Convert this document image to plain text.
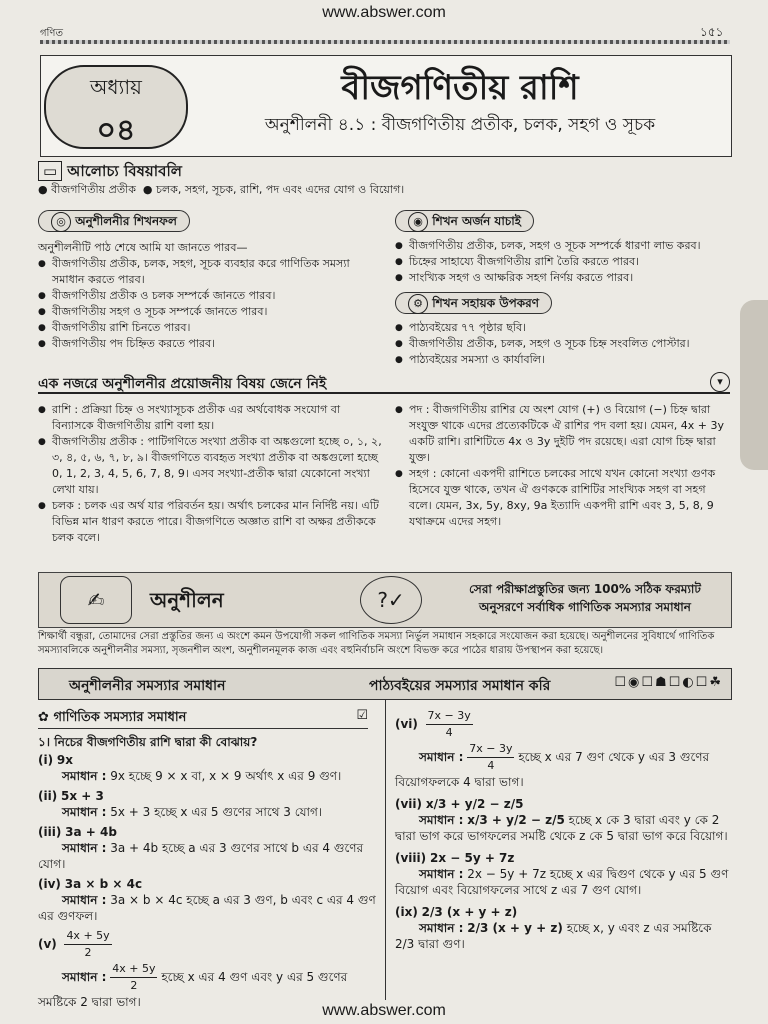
www.abswer.com
গণিত	১৫১
অধ্যায়
০৪
বীজগণিতীয় রাশি
অনুশীলনী ৪.১ : বীজগণিতীয় প্রতীক, চলক, সহগ ও সূচক
▭ আলোচ্য বিষয়াবলি
● বীজগণিতীয় প্রতীক  ● চলক, সহগ, সূচক, রাশি, পদ এবং এদের যোগ ও বিয়োগ।
◎ অনুশীলনীর শিখনফল
অনুশীলনীটি পাঠ শেষে আমি যা জানতে পারব—
● বীজগণিতীয় প্রতীক, চলক, সহগ, সূচক ব্যবহার করে গাণিতিক সমস্যা সমাধান করতে পারব।
● বীজগণিতীয় প্রতীক ও চলক সম্পর্কে জানতে পারব।
● বীজগণিতীয় সহগ ও সূচক সম্পর্কে জানতে পারব।
● বীজগণিতীয় রাশি চিনতে পারব।
● বীজগণিতীয় পদ চিহ্নিত করতে পারব।
◉ শিখন অর্জন যাচাই
● বীজগণিতীয় প্রতীক, চলক, সহগ ও সূচক সম্পর্কে ধারণা লাভ করব।
● চিহ্নের সাহায্যে বীজগণিতীয় রাশি তৈরি করতে পারব।
● সাংখ্যিক সহগ ও আক্ষরিক সহগ নির্ণয় করতে পারব।
⚙ শিখন সহায়ক উপকরণ
● পাঠ্যবইয়ের ৭৭ পৃষ্ঠার ছবি।
● বীজগণিতীয় প্রতীক, চলক, সহগ ও সূচক চিহ্ন সংবলিত পোস্টার।
● পাঠ্যবইয়ের সমস্যা ও কার্যাবলি।
এক নজরে অনুশীলনীর প্রয়োজনীয় বিষয় জেনে নিই	▾
● রাশি : প্রক্রিয়া চিহ্ন ও সংখ্যাসূচক প্রতীক এর অর্থবোধক সংযোগ বা বিন্যাসকে বীজগণিতীয় রাশি বলা হয়।
● বীজগণিতীয় প্রতীক : পাটিগণিতে সংখ্যা প্রতীক বা অঙ্কগুলো হচ্ছে ০, ১, ২, ৩, ৪, ৫, ৬, ৭, ৮, ৯। বীজগণিতে ব্যবহৃত সংখ্যা প্রতীক বা অঙ্কগুলো হচ্ছে 0, 1, 2, 3, 4, 5, 6, 7, 8, 9। এসব সংখ্যা-প্রতীক দ্বারা যেকোনো সংখ্যা লেখা যায়।
● চলক : চলক এর অর্থ যার পরিবর্তন হয়। অর্থাৎ চলকের মান নির্দিষ্ট নয়। এটি বিভিন্ন মান ধারণ করতে পারে। বীজগণিতে অজ্ঞাত রাশি বা অক্ষর প্রতীককে চলক বলে।
● পদ : বীজগণিতীয় রাশির যে অংশ যোগ (+) ও বিয়োগ (−) চিহ্ন দ্বারা সংযুক্ত থাকে এদের প্রত্যেকটিকে ঐ রাশির পদ বলা হয়। যেমন, 4x + 3y একটি রাশি। রাশিটিতে 4x ও 3y দুইটি পদ রয়েছে। এরা যোগ চিহ্ন দ্বারা যুক্ত।
● সহগ : কোনো একপদী রাশিতে চলকের সাথে যখন কোনো সংখ্যা গুণক হিসেবে যুক্ত থাকে, তখন ঐ গুণককে রাশিটির সাংখ্যিক সহগ বা সহগ বলে। যেমন, 3x, 5y, 8xy, 9a ইত্যাদি একপদী রাশি এবং 3, 5, 8, 9 যথাক্রমে এদের সহগ।
✍	অনুশীলন	?✓	সেরা পরীক্ষাপ্রস্তুতির জন্য 100% সঠিক ফরম্যাট
অনুসরণে সর্বাধিক গাণিতিক সমস্যার সমাধান
শিক্ষার্থী বন্ধুরা, তোমাদের সেরা প্রস্তুতির জন্য এ অংশে কমন উপযোগী সকল গাণিতিক সমস্যা নির্ভুল সমাধান সহকারে সংযোজন করা হয়েছে। অনুশীলনের সুবিধার্থে গাণিতিক সমস্যাবলিকে অনুশীলনীর সমস্যা, সৃজনশীল অংশ, অনুশীলনমূলক কাজ এবং বহুনির্বাচনি অংশে বিভক্ত করে পাঠের ধারায় উপস্থাপন করা হয়েছে।
অনুশীলনীর সমস্যার সমাধান	পাঠ্যবইয়ের সমস্যার সমাধান করি	☐◉☐☗☐◐☐☘
✿ গাণিতিক সমস্যার সমাধান	☑
১। নিচের বীজগণিতীয় রাশি দ্বারা কী বোঝায়?
(i) 9x
সমাধান : 9x হচ্ছে 9 × x বা, x × 9 অর্থাৎ x এর 9 গুণ।
(ii) 5x + 3
সমাধান : 5x + 3 হচ্ছে x এর 5 গুণের সাথে 3 যোগ।
(iii) 3a + 4b
সমাধান : 3a + 4b হচ্ছে a এর 3 গুণের সাথে b এর 4 গুণের যোগ।
(iv) 3a × b × 4c
সমাধান : 3a × b × 4c হচ্ছে a এর 3 গুণ, b এবং c এর 4 গুণ এর গুণফল।
$(v) \frac{4x + 5y}{2}$

সমাধান : $\frac{4x + 5y}{2}$ হচ্ছে x এর 4 গুণ এবং y এর 5 গুণের সমষ্টিকে 2 দ্বারা ভাগ।
$(vi) \frac{7x - 3y}{4}$

সমাধান : $\frac{7x - 3y}{4}$ হচ্ছে x এর 7 গুণ থেকে y এর 3 গুণের বিয়োগফলকে 4 দ্বারা ভাগ।
(vii) x/3 + y/2 − z/5
সমাধান : x/3 + y/2 − z/5 হচ্ছে x কে 3 দ্বারা এবং y কে 2 দ্বারা ভাগ করে ভাগফলের সমষ্টি থেকে z কে 5 দ্বারা ভাগ করে বিয়োগ।
(viii) 2x − 5y + 7z
সমাধান : 2x − 5y + 7z হচ্ছে x এর দ্বিগুণ থেকে y এর 5 গুণ বিয়োগ এবং বিয়োগফলের সাথে z এর 7 গুণ যোগ।
(ix) 2/3 (x + y + z)
সমাধান : 2/3 (x + y + z) হচ্ছে x, y এবং z এর সমষ্টিকে 2/3 দ্বারা গুণ।
www.abswer.com
